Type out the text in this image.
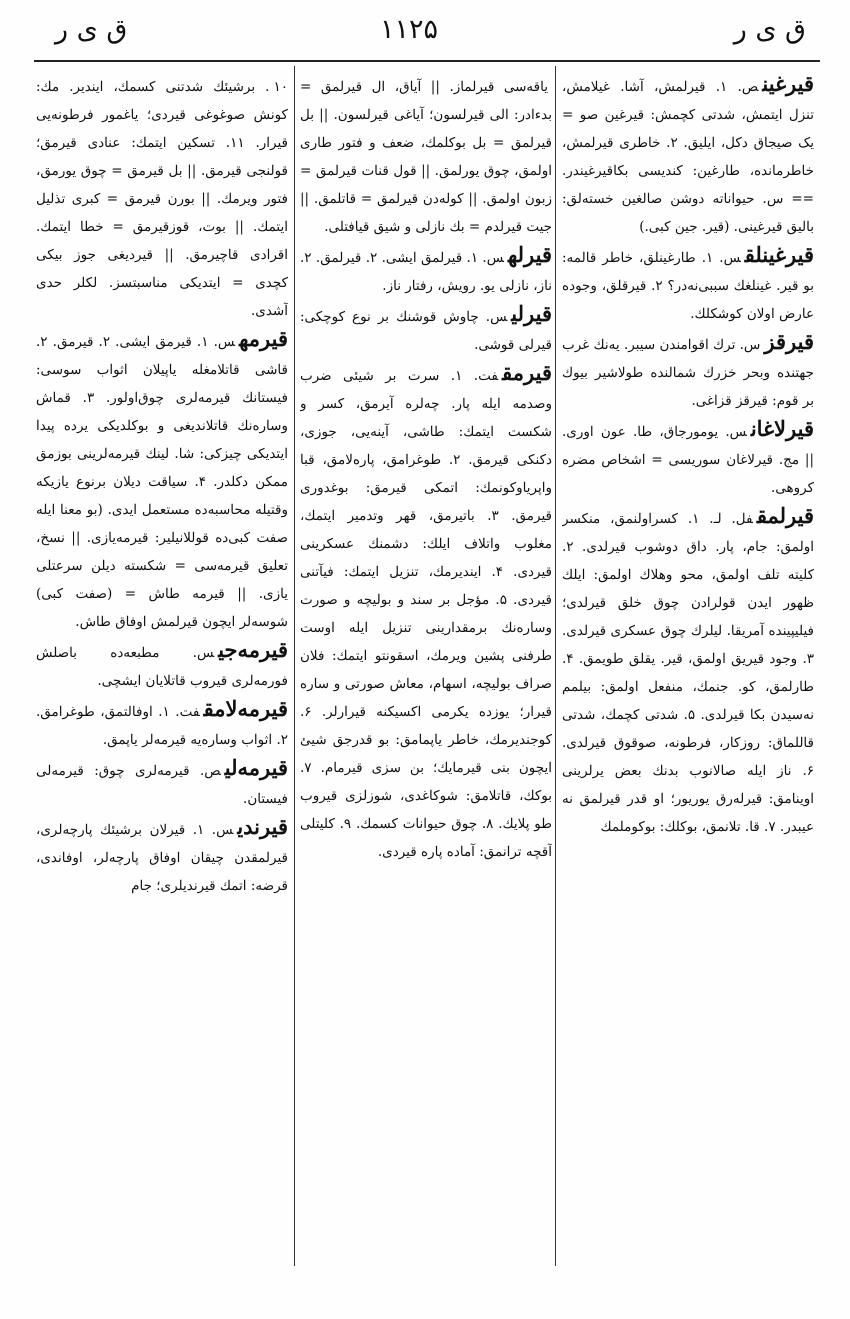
ق ی ر	۱۱۲۵	ق ی ر

قیرغینص. ۱. قیرلمش، آشا. غیلامش، تنزل ایتمش، شدتی کچمش: قیرغین صو = یک صیجاق دکل، ایلیق. ۲. خاطری قیرلمش، خاطرمانده، طارغین: کندیسی بکاقیرغیندر. == س. حیواناته دوشن صالغین خسته‌لق: بالیق قیرغینی. (قیر. جین کبی.)

قیرغینلقس. ۱. طارغینلق، خاطر قالمه: بو قیر. غینلغك سببی‌نه‌در؟ ۲. قیرقلق، وجوده عارض اولان کوشکلك.

قیرقزس. ترك اقوامندن سیبر. یه‌نك غرب جهتنده وبحر خزرك شمالنده طولاشیر بیوك بر قوم: قیرقز قزاغی.

قیرلاغانس. یومورجاق، طا. عون اوری. || مج. قیرلاغان سوریسی = اشخاص مضره کروهی.

قیرلمقفل. لـ. ۱. کسراولنمق، منکسر اولمق: جام، پار. داق دوشوب قیرلدی. ۲. کلیته تلف اولمق، محو وهلاك اولمق: ایلك ظهور ایدن قولرادن چوق خلق قیرلدی؛ فیلیپینده آمریقا. لیلرك چوق عسکری قیرلدی. ۳. وجود قیریق اولمق، قیر. یقلق طویمق. ۴. طارلمق، کو. جنمك، منفعل اولمق: بیلمم نه‌سیدن بکا قیرلدی. ۵. شدتی کچمك، شدتی قاللماق: روزکار، فرطونه، صوقوق قیرلدی. ۶. ناز ایله صالانوب بدنك بعض یرلرینی اوینامق: قیرله‌رق یوریور؛ او قدر قیرلمق نه عیبدر. ۷. قا. تلانمق، بوکلك: بوکوملمك

یاقه‌سی قیرلماز. || آیاق، ال قیرلمق = بدءادر: الی قیرلسون؛ آیاغی قیرلسون. || بل قیرلمق = بل بوکلمك، ضعف و فتور طاری اولمق، چوق یورلمق. || قول قنات قیرلمق = زبون اولمق. || کوله‌دن قیرلمق = قاتلمق. || جیت قیرلدم = بك نازلی و شیق قیافتلی.

قیرلهس. ۱. قیرلمق ایشی. ۲. قیرلمق. ۲. ناز، نازلی یو. رویش، رفتار ناز.

قیرلیس. چاوش قوشنك بر نوع کوچکی: قیرلی قوشی.

قیرمقفت. ۱. سرت بر شیئی ضرب وصدمه ایله پار. چه‌لره آیرمق، کسر و شکست ایتمك: طاشی، آینه‌یی، جوزی، دکنکی قیرمق. ۲. طوغرامق، پاره‌لامق، قبا واپریاوکونمك: اتمکی قیرمق: بوغدوری قیرمق. ۳. باتیرمق، قهر وتدمیر ایتمك، مغلوب واتلاف ایلك: دشمنك عسکرینی قیردی. ۴. ایندیرمك، تنزیل ایتمك: فیآتنی قیردی. ۵. مؤجل بر سند و بولیچه و صورت وساره‌نك برمقدارینی تنزیل ایله اوست طرفنی پشین ویرمك، اسقونتو ایتمك: فلان صراف بولیچه، اسهام، معاش صورتی و ساره قیرار؛ یوزده یکرمی اکسیکنه قیرارلر. ۶. کوجندیرمك، خاطر یاپمامق: بو قدرجق شیئ ایچون بنی قیرمایك؛ بن سزی قیرمام. ۷. بوکك، قاتلامق: شوکاغدی، شوزلزی قیروب طو پلایك. ۸. چوق حیوانات کسمك. ۹. کلیتلی آقچه ترانمق: آماده پاره قیردی.

۱۰. برشیئك شدتنی کسمك، ایندیر. مك: کونش صوغوغی قیردی؛ یاغمور فرطونه‌یی قیرار. ۱۱. تسکین ایتمك: عنادی قیرمق؛ قولنجی قیرمق. || بل قیرمق = چوق یورمق، فتور ویرمك. || بورن قیرمق = کبری تذلیل ایتمك. || بوت، قوزقیرمق = خطا ایتمك. اقرادی قاچیرمق. || قیردیغی جوز بیکی کچدی = ایتدیکی مناسبتسز. لکلر حدی آشدی.

قیرمهس. ۱. قیرمق ایشی. ۲. قیرمق. ۲. قاشی قاتلامغله یاپیلان اثواب سوسی: فیستانك قیرمه‌لری چوق‌اولور. ۳. قماش وساره‌نك قاتلاندیغی و بوکلدیکی یرده پیدا ایتدیکی چیزکی: شا. لینك قیرمه‌لرینی بوزمق ممکن دکلدر. ۴. سیاقت دیلان برنوع یازیکه وقتیله محاسبه‌ده مستعمل ایدی. (بو معنا ایله صفت کبی‌ده قوللانیلیر: قیرمه‌یازی. || نسخ، تعلیق قیرمه‌سی = شکسته دیلن سرعتلی یازی. || قیرمه طاش = (صفت کبی) شوسه‌لر ایچون قیرلمش اوفاق طاش.

قیرمه‌جیس. مطبعه‌ده باصلش فورمه‌لری قیروب قاتلایان ایشچی.

قیرمه‌لامقفت. ۱. اوفالتمق، طوغرامق. ۲. اثواب وساره‌یه قیرمه‌لر یاپمق.

قیرمه‌لیص. قیرمه‌لری چوق: قیرمه‌لی فیستان.

قیرندیس. ۱. قیرلان برشیئك پارچه‌لری، قیرلمقدن چیقان اوفاق پارچه‌لر، اوفاندی، قرضه: اتمك قیرندیلری؛ جام
